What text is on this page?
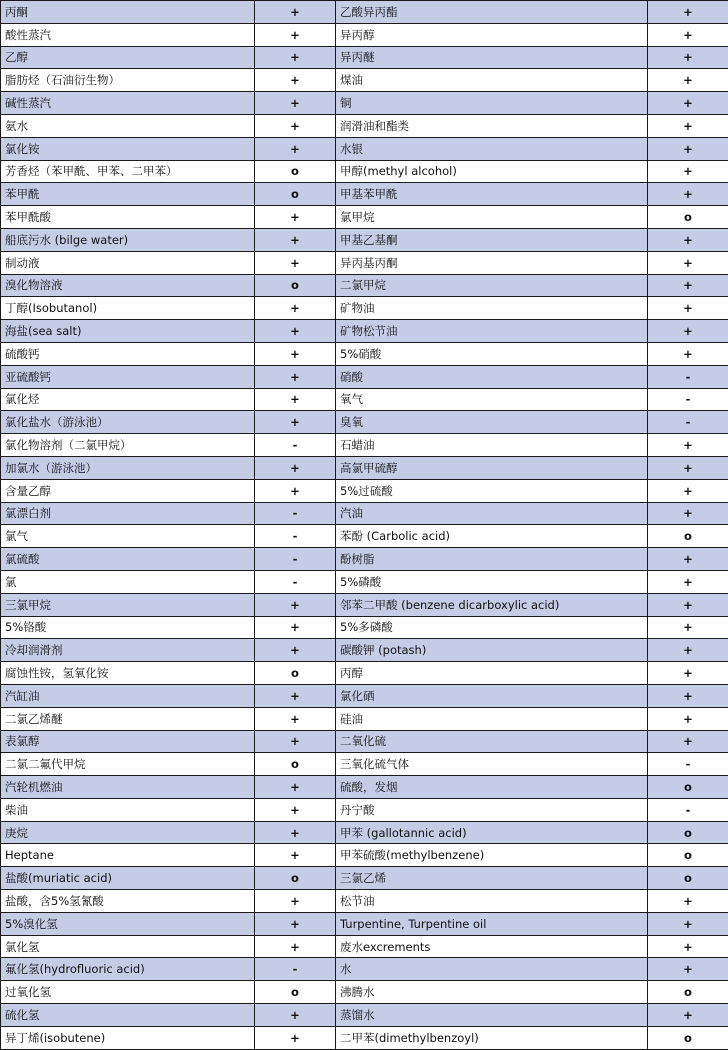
丙酮	+	乙酸异丙酯	+
酸性蒸汽	+	异丙醇	+
乙醇	+	异丙醚	+
脂肪烃（石油衍生物）	+	煤油	+
碱性蒸汽	+	铜	+
氨水	+	润滑油和酯类	+
氯化铵	+	水银	+
芳香烃（苯甲酰、甲苯、二甲苯）	o	甲醇(methyl alcohol)	+
苯甲酰	o	甲基苯甲酰	+
苯甲酰酸	+	氯甲烷	o
船底污水 (bilge water)	+	甲基乙基酮	+
制动液	+	异丙基丙酮	+
溴化物溶液	o	二氯甲烷	+
丁醇(Isobutanol)	+	矿物油	+
海盐(sea salt)	+	矿物松节油	+
硫酸钙	+	5%硝酸	+
亚硫酸钙	+	硝酸	-
氯化烃	+	氧气	-
氯化盐水（游泳池）	+	臭氧	-
氯化物溶剂（二氯甲烷）	-	石蜡油	+
加氯水（游泳池）	+	高氯甲硫醇	+
含量乙醇	+	5%过硫酸	+
氯漂白剂	-	汽油	+
氯气	-	苯酚 (Carbolic acid)	o
氯硫酸	-	酚树脂	+
氯	-	5%磷酸	+
三氯甲烷	+	邻苯二甲酸 (benzene dicarboxylic acid)	+
5%铬酸	+	5%多磷酸	+
冷却润滑剂	+	碳酸钾 (potash)	+
腐蚀性铵，氢氧化铵	o	丙醇	+
汽缸油	+	氯化硒	+
二氯乙烯醚	+	硅油	+
表氯醇	+	二氧化硫	+
二氯二氟代甲烷	o	三氧化硫气体	-
汽轮机燃油	+	硫酸，发烟	o
柴油	+	丹宁酸	-
庚烷	+	甲苯 (gallotannic acid)	o
Heptane	+	甲苯硫酸(methylbenzene)	o
盐酸(muriatic acid)	o	三氯乙烯	o
盐酸，含5%氢氰酸	+	松节油	+
5%溴化氢	+	Turpentine, Turpentine oil	+
氯化氢	+	废水excrements	+
氟化氢(hydrofluoric acid)	-	水	+
过氧化氢	o	沸腾水	o
硫化氢	+	蒸馏水	+
异丁烯(isobutene)	+	二甲苯(dimethylbenzoyl)	o
